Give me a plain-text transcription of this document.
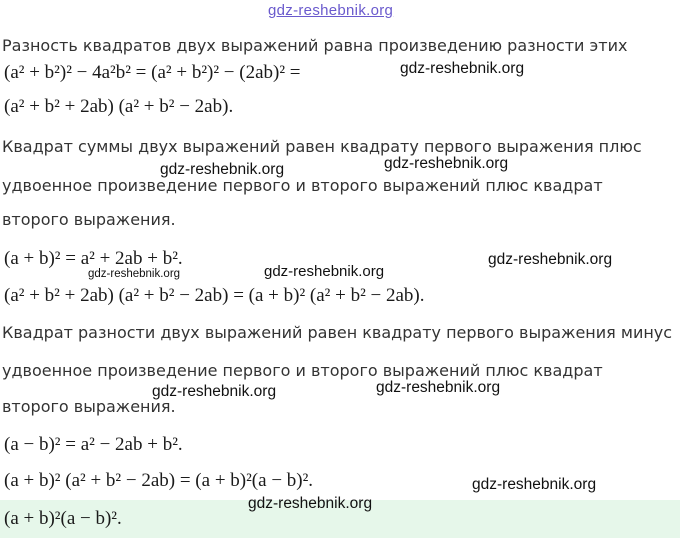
gdz-reshebnik.org
Разность квадратов двух выражений равна произведению разности этих
(a² + b²)² − 4a²b² = (a² + b²)² − (2ab)² =	gdz-reshebnik.org
(a² + b² + 2ab) (a² + b² − 2ab).
Квадрат суммы двух выражений равен квадрату первого выражения плюс
gdz-reshebnik.org	gdz-reshebnik.org
удвоенное произведение первого и второго выражений плюс квадрат
второго выражения.
(a + b)² = a² + 2ab + b².	gdz-reshebnik.org
gdz-reshebnik.org
gdz-reshebnik.org
(a² + b² + 2ab) (a² + b² − 2ab) = (a + b)² (a² + b² − 2ab).
Квадрат разности двух выражений равен квадрату первого выражения минус
удвоенное произведение первого и второго выражений плюс квадрат
gdz-reshebnik.org	gdz-reshebnik.org
второго выражения.
(a − b)² = a² − 2ab + b².
(a + b)² (a² + b² − 2ab) = (a + b)²(a − b)².	gdz-reshebnik.org
gdz-reshebnik.org
(a + b)²(a − b)².
